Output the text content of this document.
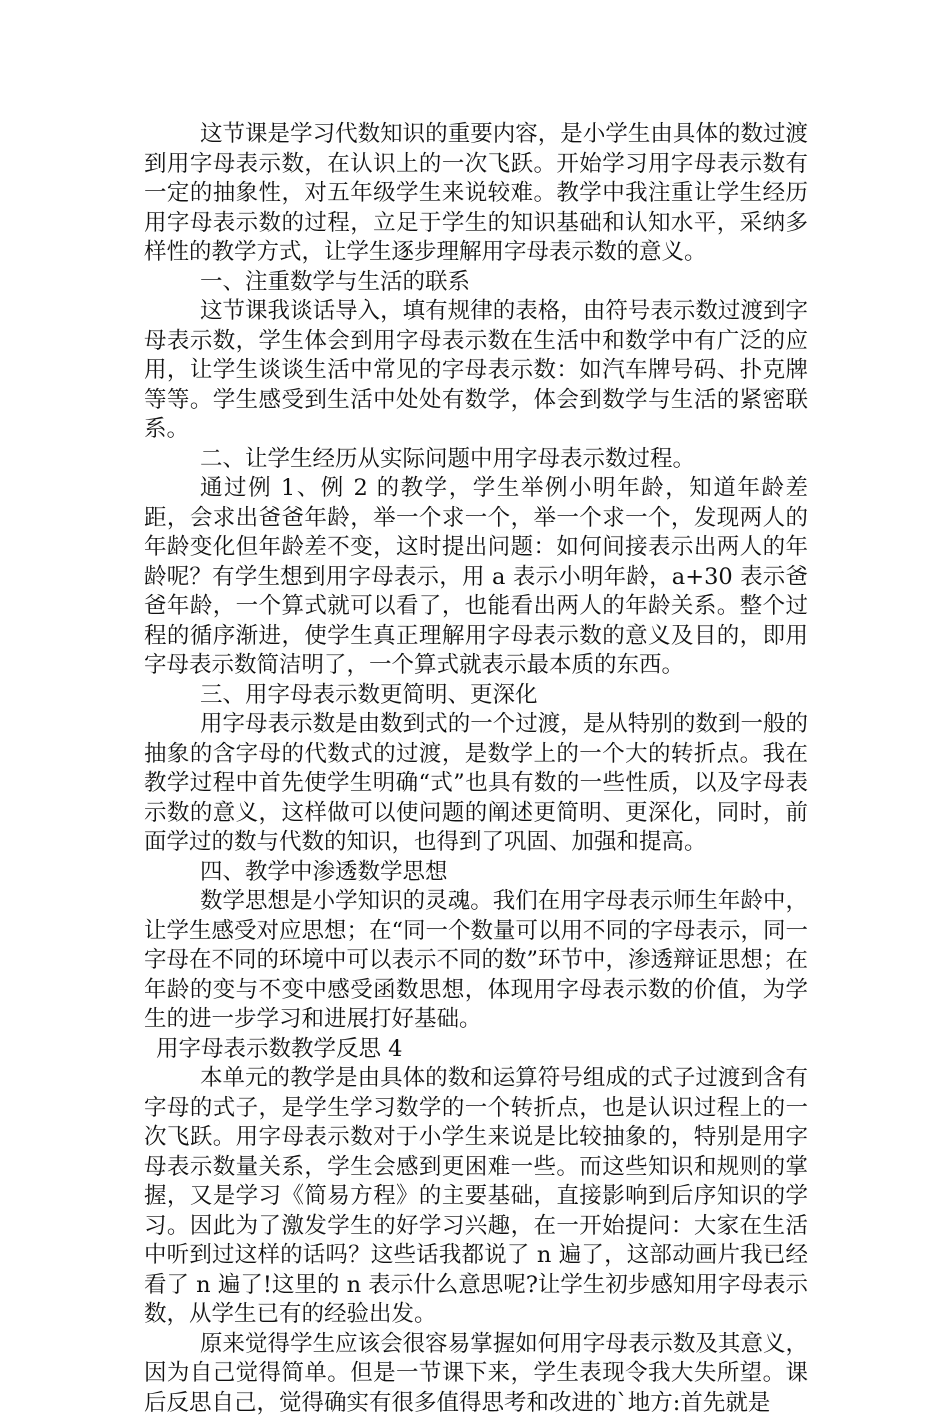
这节课是学习代数知识的重要内容，是小学生由具体的数过渡到用字母表示数，在认识上的一次飞跃。开始学习用字母表示数有一定的抽象性，对五年级学生来说较难。教学中我注重让学生经历用字母表示数的过程，立足于学生的知识基础和认知水平，采纳多样性的教学方式，让学生逐步理解用字母表示数的意义。

一、注重数学与生活的联系

这节课我谈话导入，填有规律的表格，由符号表示数过渡到字母表示数，学生体会到用字母表示数在生活中和数学中有广泛的应用，让学生谈谈生活中常见的字母表示数：如汽车牌号码、扑克牌等等。学生感受到生活中处处有数学，体会到数学与生活的紧密联系。

二、让学生经历从实际问题中用字母表示数过程。

通过例 1、例 2 的教学，学生举例小明年龄，知道年龄差距，会求出爸爸年龄，举一个求一个，举一个求一个，发现两人的年龄变化但年龄差不变，这时提出问题：如何间接表示出两人的年龄呢？有学生想到用字母表示，用 a 表示小明年龄，a+30 表示爸爸年龄，一个算式就可以看了，也能看出两人的年龄关系。整个过程的循序渐进，使学生真正理解用字母表示数的意义及目的，即用字母表示数简洁明了，一个算式就表示最本质的东西。

三、用字母表示数更简明、更深化

用字母表示数是由数到式的一个过渡，是从特别的数到一般的抽象的含字母的代数式的过渡，是数学上的一个大的转折点。我在教学过程中首先使学生明确“式”也具有数的一些性质，以及字母表示数的意义，这样做可以使问题的阐述更简明、更深化，同时，前面学过的数与代数的知识，也得到了巩固、加强和提高。

四、教学中渗透数学思想

数学思想是小学知识的灵魂。我们在用字母表示师生年龄中，让学生感受对应思想；在“同一个数量可以用不同的字母表示，同一字母在不同的环境中可以表示不同的数”环节中，渗透辩证思想；在年龄的变与不变中感受函数思想，体现用字母表示数的价值，为学生的进一步学习和进展打好基础。

用字母表示数教学反思 4

本单元的教学是由具体的数和运算符号组成的式子过渡到含有字母的式子，是学生学习数学的一个转折点，也是认识过程上的一次飞跃。用字母表示数对于小学生来说是比较抽象的，特别是用字母表示数量关系，学生会感到更困难一些。而这些知识和规则的掌握，又是学习《简易方程》的主要基础，直接影响到后序知识的学习。因此为了激发学生的好学习兴趣，在一开始提问：大家在生活中听到过这样的话吗？这些话我都说了 n 遍了，这部动画片我已经看了 n 遍了!这里的 n 表示什么意思呢?让学生初步感知用字母表示数，从学生已有的经验出发。

原来觉得学生应该会很容易掌握如何用字母表示数及其意义，因为自己觉得简单。但是一节课下来，学生表现令我大失所望。课后反思自己，觉得确实有很多值得思考和改进的`地方:首先就是
